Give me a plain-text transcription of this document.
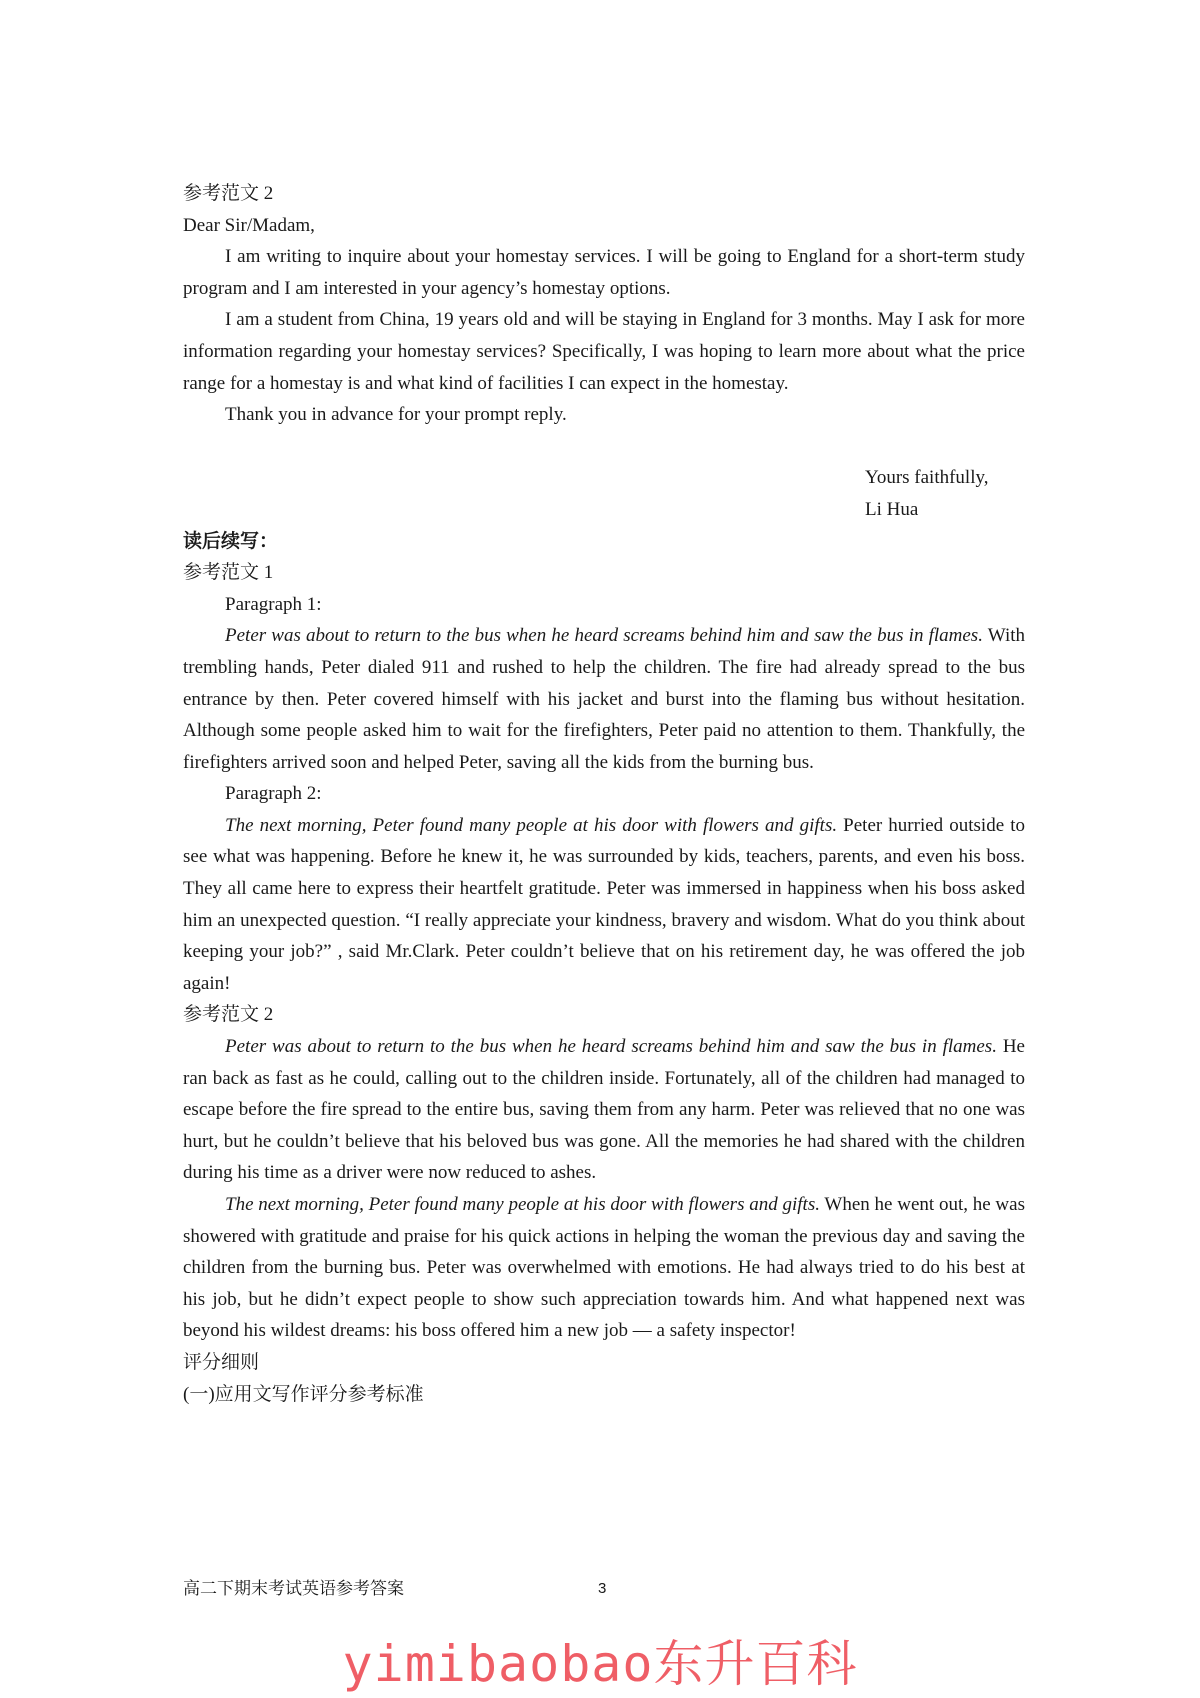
参考范文 2

Dear Sir/Madam,

I am writing to inquire about your homestay services. I will be going to England for a short-term study program and I am interested in your agency’s homestay options.

I am a student from China, 19 years old and will be staying in England for 3 months. May I ask for more information regarding your homestay services? Specifically, I was hoping to learn more about what the price range for a homestay is and what kind of facilities I can expect in the homestay.

Thank you in advance for your prompt reply.

Yours faithfully,

Li Hua

读后续写：

参考范文 1

Paragraph 1:

Peter was about to return to the bus when he heard screams behind him and saw the bus in flames. With trembling hands, Peter dialed 911 and rushed to help the children. The fire had already spread to the bus entrance by then. Peter covered himself with his jacket and burst into the flaming bus without hesitation. Although some people asked him to wait for the firefighters, Peter paid no attention to them. Thankfully, the firefighters arrived soon and helped Peter, saving all the kids from the burning bus.

Paragraph 2:

The next morning, Peter found many people at his door with flowers and gifts. Peter hurried outside to see what was happening. Before he knew it, he was surrounded by kids, teachers, parents, and even his boss. They all came here to express their heartfelt gratitude. Peter was immersed in happiness when his boss asked him an unexpected question. “I really appreciate your kindness, bravery and wisdom. What do you think about keeping your job?” , said Mr.Clark. Peter couldn’t believe that on his retirement day, he was offered the job again!

参考范文 2

Peter was about to return to the bus when he heard screams behind him and saw the bus in flames. He ran back as fast as he could, calling out to the children inside. Fortunately, all of the children had managed to escape before the fire spread to the entire bus, saving them from any harm. Peter was relieved that no one was hurt, but he couldn’t believe that his beloved bus was gone. All the memories he had shared with the children during his time as a driver were now reduced to ashes.

The next morning, Peter found many people at his door with flowers and gifts. When he went out, he was showered with gratitude and praise for his quick actions in helping the woman the previous day and saving the children from the burning bus. Peter was overwhelmed with emotions. He had always tried to do his best at his job, but he didn’t expect people to show such appreciation towards him. And what happened next was beyond his wildest dreams: his boss offered him a new job — a safety inspector!

评分细则

(一)应用文写作评分参考标准

高二下期末考试英语参考答案	3
yimibaobao东升百科
